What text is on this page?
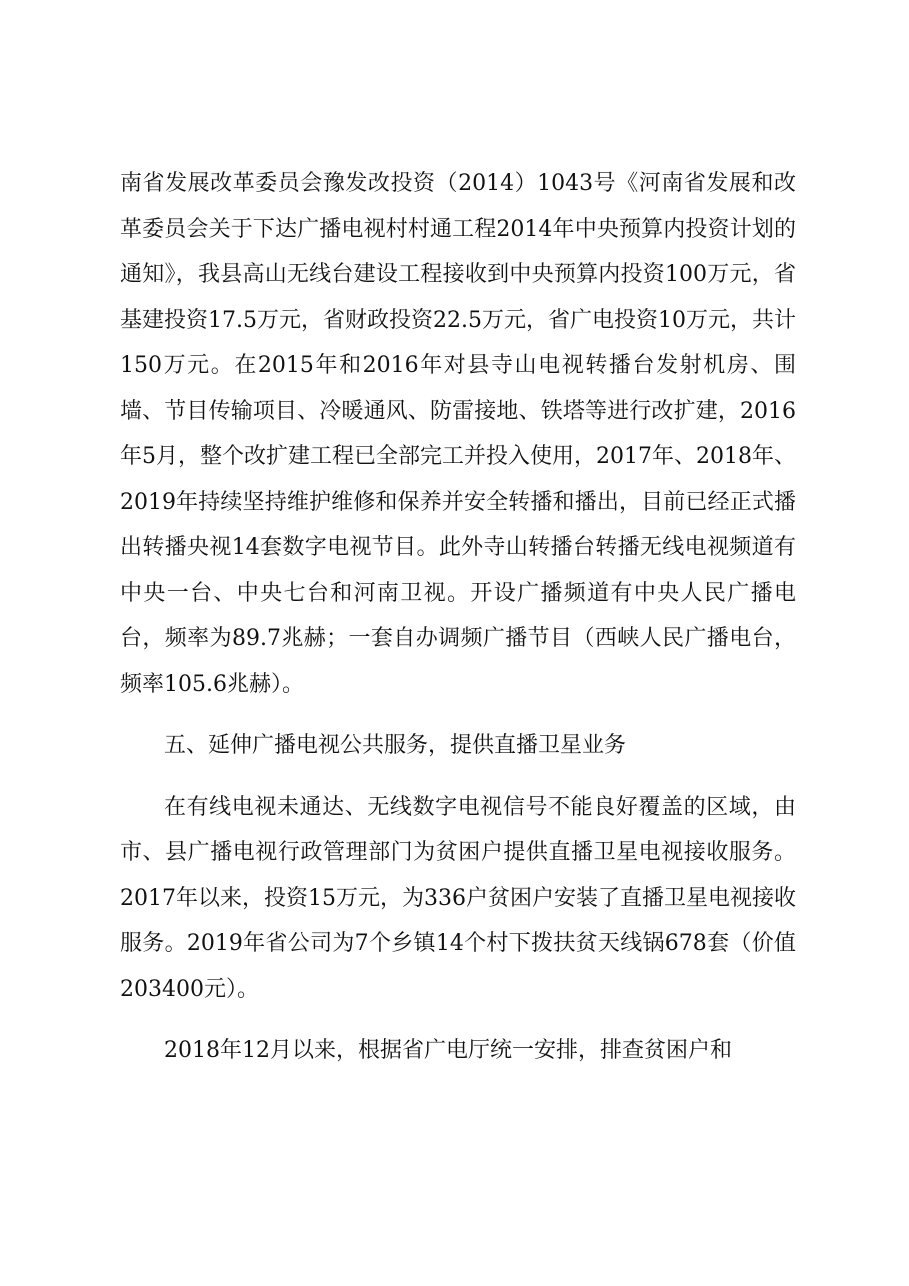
南省发展改革委员会豫发改投资（2014）1043号《河南省发展和改革委员会关于下达广播电视村村通工程2014年中央预算内投资计划的通知》，我县高山无线台建设工程接收到中央预算内投资100万元，省基建投资17.5万元，省财政投资22.5万元，省广电投资10万元，共计150万元。在2015年和2016年对县寺山电视转播台发射机房、围墙、节目传输项目、冷暖通风、防雷接地、铁塔等进行改扩建，2016年5月，整个改扩建工程已全部完工并投入使用，2017年、2018年、2019年持续坚持维护维修和保养并安全转播和播出，目前已经正式播出转播央视14套数字电视节目。此外寺山转播台转播无线电视频道有中央一台、中央七台和河南卫视。开设广播频道有中央人民广播电台，频率为89.7兆赫；一套自办调频广播节目（西峡人民广播电台，频率105.6兆赫）。

五、延伸广播电视公共服务，提供直播卫星业务

在有线电视未通达、无线数字电视信号不能良好覆盖的区域，由市、县广播电视行政管理部门为贫困户提供直播卫星电视接收服务。2017年以来，投资15万元，为336户贫困户安装了直播卫星电视接收服务。2019年省公司为7个乡镇14个村下拨扶贫天线锅678套（价值203400元）。

2018年12月以来，根据省广电厅统一安排，排查贫困户和
